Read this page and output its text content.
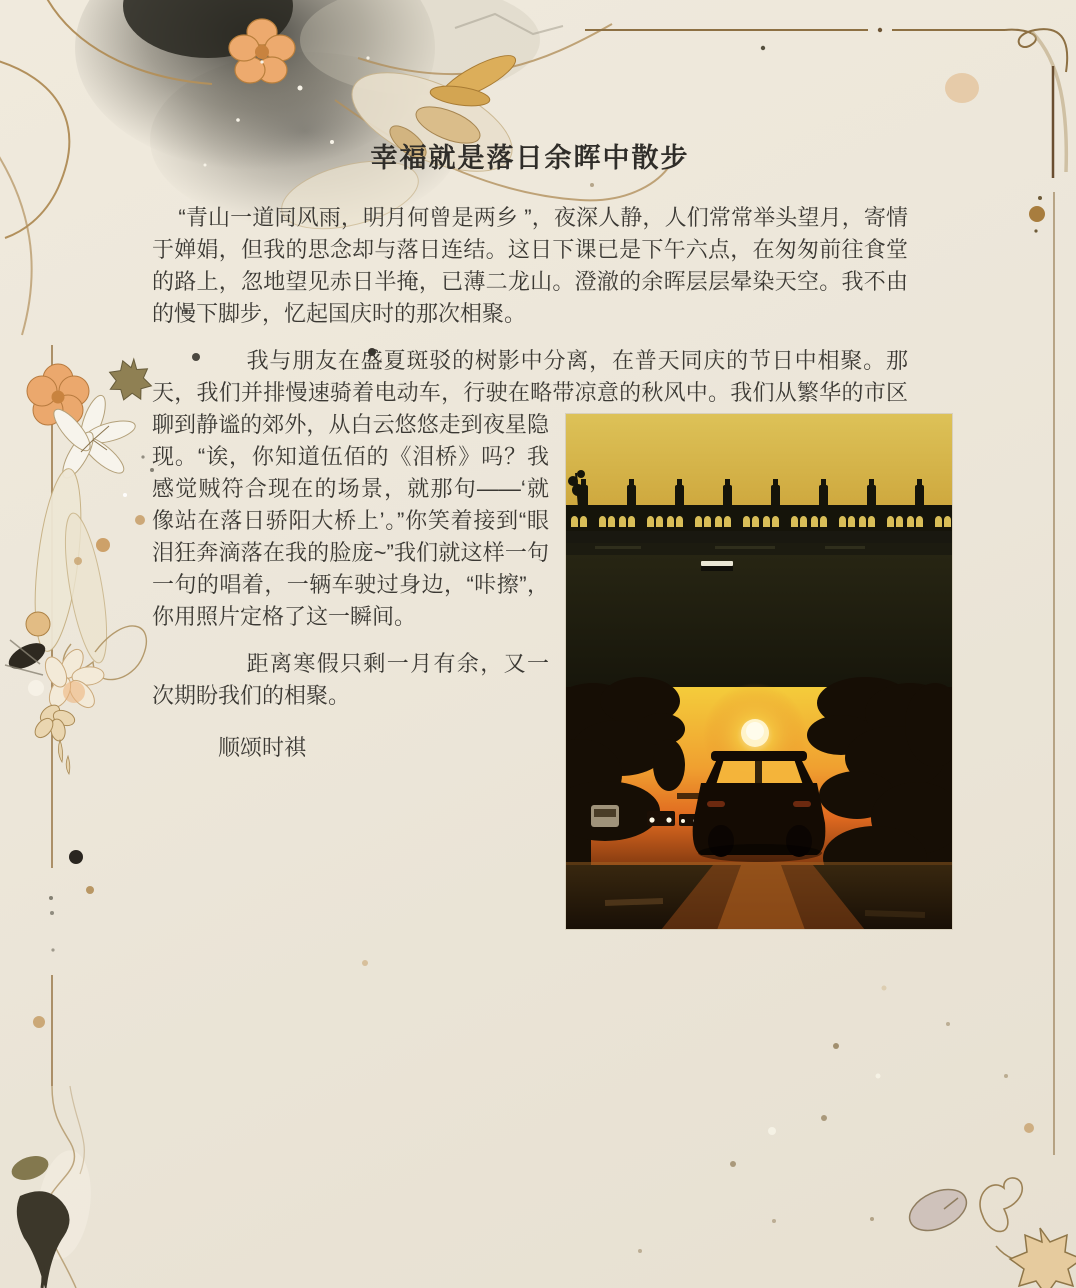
幸福就是落日余晖中散步

“青山一道同风雨，明月何曾是两乡 ”，夜深人静，人们常常举头望月，寄情于婵娟，但我的思念却与落日连结。这日下课已是下午六点，在匆匆前往食堂的路上，忽地望见赤日半掩，已薄二龙山。澄澈的余晖层层晕染天空。我不由的慢下脚步，忆起国庆时的那次相聚。

我与朋友在盛夏斑驳的树影中分离，在普天同庆的节日中相聚。那天，我们并排慢速骑着电动车，行驶在略带凉意的秋风中。我们从繁华的市区
聊到静谧的郊外，从白云悠悠走到夜星隐现。“诶，你知道伍佰的《泪桥》吗？我感觉贼符合现在的场景，就那句——‘就像站在落日骄阳大桥上’。”你笑着接到“眼泪狂奔滴落在我的脸庞~”我们就这样一句一句的唱着，一辆车驶过身边，“咔擦”，你用照片定格了这一瞬间。

距离寒假只剩一月有余，又一次期盼我们的相聚。

顺颂时祺
